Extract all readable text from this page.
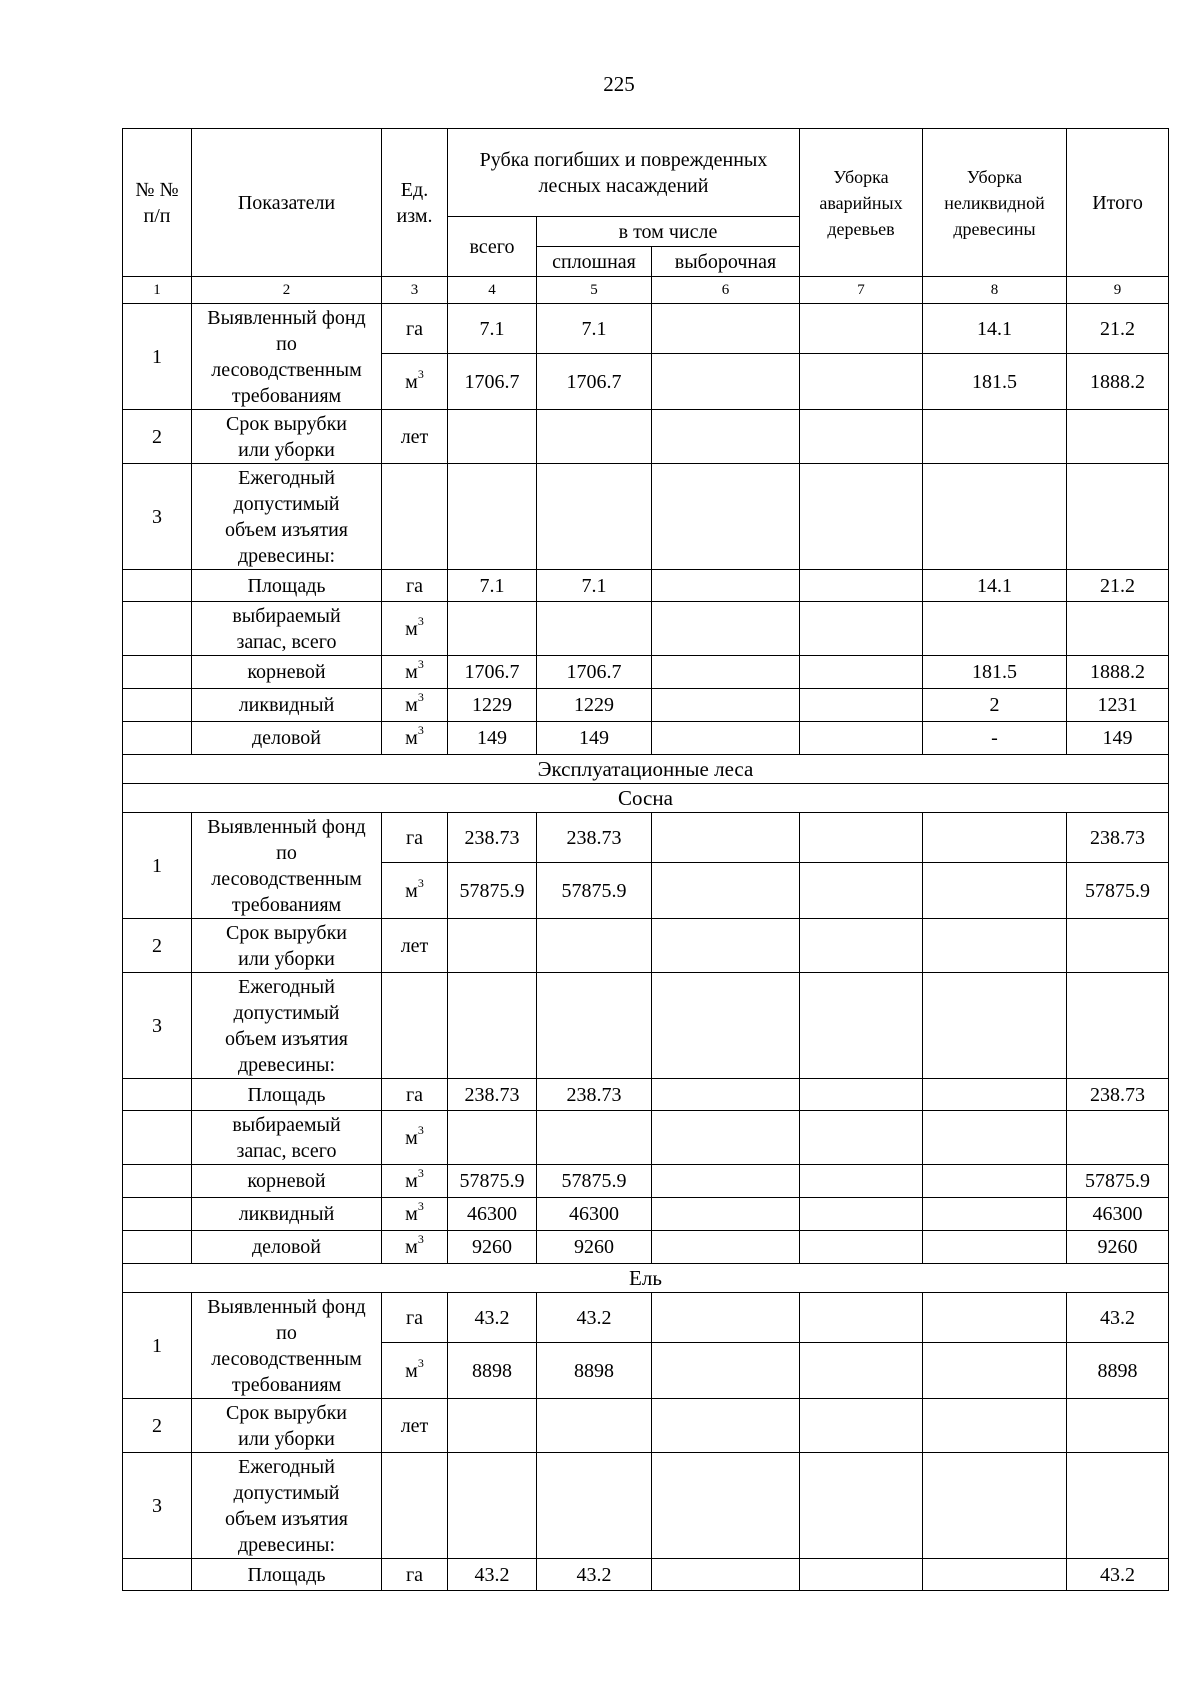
225
№ № п/п	Показатели	Ед. изм.	Рубка погибших и поврежденных лесных насаждений			Уборка аварийных деревьев	Уборка неликвидной древесины	Итого
			всего	в том числе				
				сплошная	выборочная			
1	2	3	4	5	6	7	8	9
1	Выявленный фонд
по
лесоводственным
требованиям	га	7.1	7.1			14.1	21.2
		$м^3$	1706.7	1706.7			181.5	1888.2
2	Срок вырубки
или уборки	лет						
3	Ежегодный
допустимый
объем изъятия
древесины:							

	Площадь	га	7.1	7.1			14.1	21.2

	выбираемый
запас, всего	$м^3$						
	корневой	$м^3$	1706.7	1706.7			181.5	1888.2
	ликвидный	$м^3$	1229	1229			2	1231
	деловой	$м^3$	149	149			-	149
Эксплуатационные леса								
Сосна								
1	Выявленный фонд
по
лесоводственным
требованиям	га	238.73	238.73				238.73
		$м^3$	57875.9	57875.9				57875.9
2	Срок вырубки
или уборки	лет						
3	Ежегодный
допустимый
объем изъятия
древесины:							

	Площадь	га	238.73	238.73				238.73

	выбираемый
запас, всего	$м^3$						
	корневой	$м^3$	57875.9	57875.9				57875.9
	ликвидный	$м^3$	46300	46300				46300
	деловой	$м^3$	9260	9260				9260
Ель								
1	Выявленный фонд
по
лесоводственным
требованиям	га	43.2	43.2				43.2
		$м^3$	8898	8898				8898
2	Срок вырубки
или уборки	лет						
3	Ежегодный
допустимый
объем изъятия
древесины:							

	Площадь	га	43.2	43.2				43.2
